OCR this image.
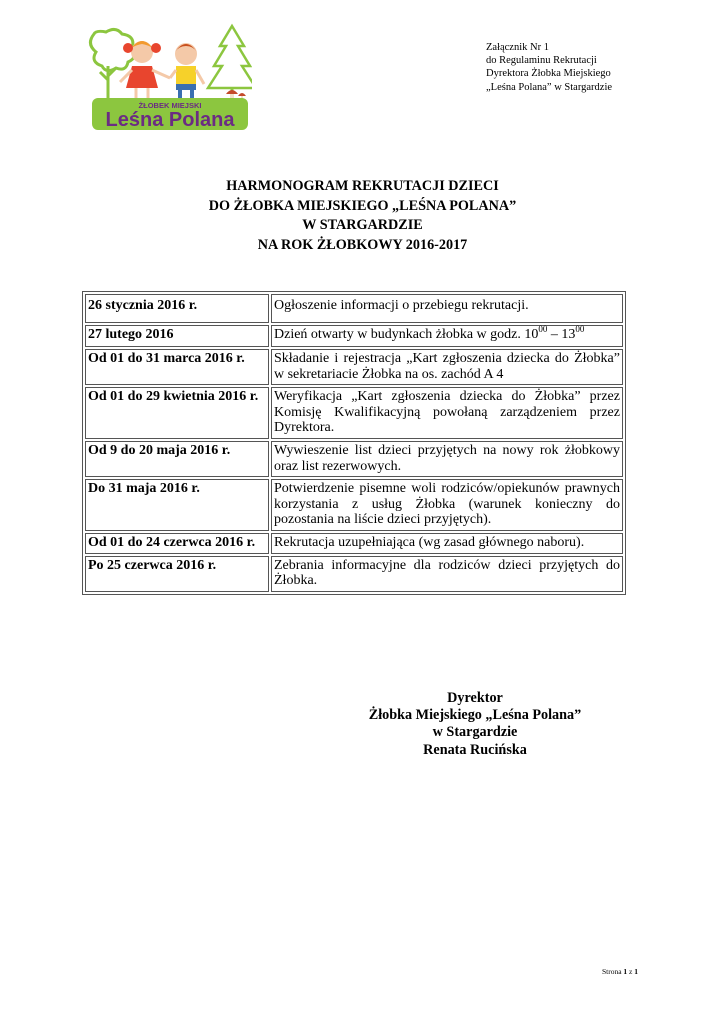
ŻŁOBEK MIEJSKI
Leśna Polana
Załącznik Nr 1
do Regulaminu Rekrutacji
Dyrektora Żłobka Miejskiego
„Leśna Polana” w Stargardzie
HARMONOGRAM REKRUTACJI DZIECI
DO ŻŁOBKA MIEJSKIEGO „LEŚNA POLANA”
W STARGARDZIE
NA ROK ŻŁOBKOWY 2016-2017
26 stycznia 2016 r.	Ogłoszenie informacji o przebiegu rekrutacji.
27 lutego 2016	Dzień otwarty w budynkach żłobka w godz. $10^{00} - 13^{00}$
Od 01 do 31 marca 2016 r.	Składanie i rejestracja „Kart zgłoszenia dziecka do Żłobka” w sekretariacie Żłobka na os. zachód A 4
Od 01 do 29 kwietnia 2016 r.	Weryfikacja „Kart zgłoszenia dziecka do Żłobka” przez Komisję Kwalifikacyjną powołaną zarządzeniem przez Dyrektora.
Od 9 do 20 maja 2016 r.	Wywieszenie list dzieci przyjętych na nowy rok żłobkowy oraz list rezerwowych.
Do 31 maja 2016 r.	Potwierdzenie pisemne woli rodziców/opiekunów prawnych korzystania z usług Żłobka (warunek konieczny do pozostania na liście dzieci przyjętych).
Od 01 do 24 czerwca 2016 r.	Rekrutacja uzupełniająca (wg zasad głównego naboru).
Po 25 czerwca 2016 r.	Zebrania informacyjne dla rodziców dzieci przyjętych do Żłobka.
Dyrektor
Żłobka Miejskiego „Leśna Polana”
w Stargardzie
Renata Rucińska
Strona 1 z 1
